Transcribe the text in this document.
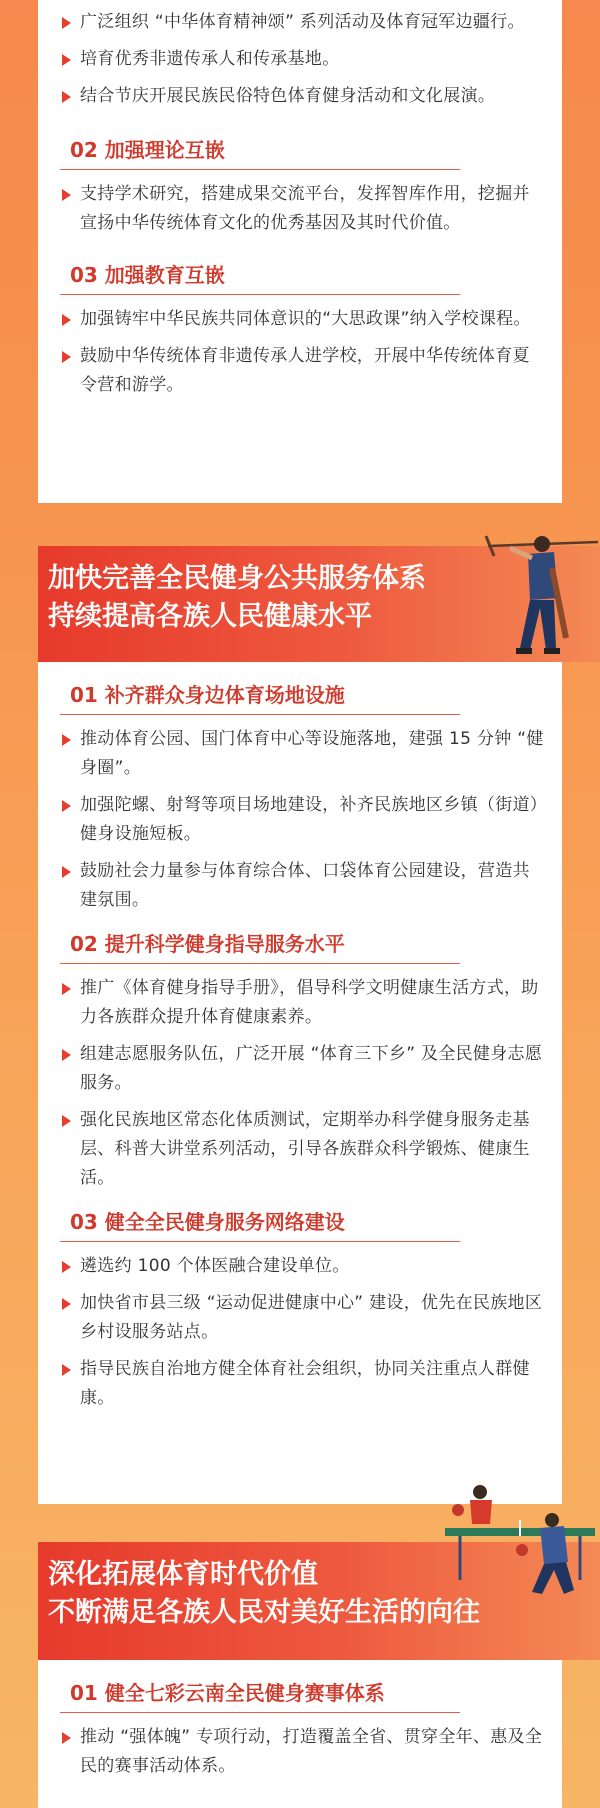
广泛组织 “中华体育精神颂” 系列活动及体育冠军边疆行。
培育优秀非遗传承人和传承基地。
结合节庆开展民族民俗特色体育健身活动和文化展演。
02 加强理论互嵌
支持学术研究，搭建成果交流平台，发挥智库作用，挖掘并宣扬中华传统体育文化的优秀基因及其时代价值。
03 加强教育互嵌
加强铸牢中华民族共同体意识的“大思政课”纳入学校课程。
鼓励中华传统体育非遗传承人进学校，开展中华传统体育夏令营和游学。
加快完善全民健身公共服务体系
持续提高各族人民健康水平
01 补齐群众身边体育场地设施
推动体育公园、国门体育中心等设施落地，建强 15 分钟 “健身圈”。
加强陀螺、射弩等项目场地建设，补齐民族地区乡镇（街道）健身设施短板。
鼓励社会力量参与体育综合体、口袋体育公园建设，营造共建氛围。
02 提升科学健身指导服务水平
推广《体育健身指导手册》，倡导科学文明健康生活方式，助力各族群众提升体育健康素养。
组建志愿服务队伍，广泛开展 “体育三下乡” 及全民健身志愿服务。
强化民族地区常态化体质测试，定期举办科学健身服务走基层、科普大讲堂系列活动，引导各族群众科学锻炼、健康生活。
03 健全全民健身服务网络建设
遴选约 100 个体医融合建设单位。
加快省市县三级 “运动促进健康中心” 建设，优先在民族地区乡村设服务站点。
指导民族自治地方健全体育社会组织，协同关注重点人群健康。
深化拓展体育时代价值
不断满足各族人民对美好生活的向往
01 健全七彩云南全民健身赛事体系
推动 “强体魄” 专项行动，打造覆盖全省、贯穿全年、惠及全民的赛事活动体系。
